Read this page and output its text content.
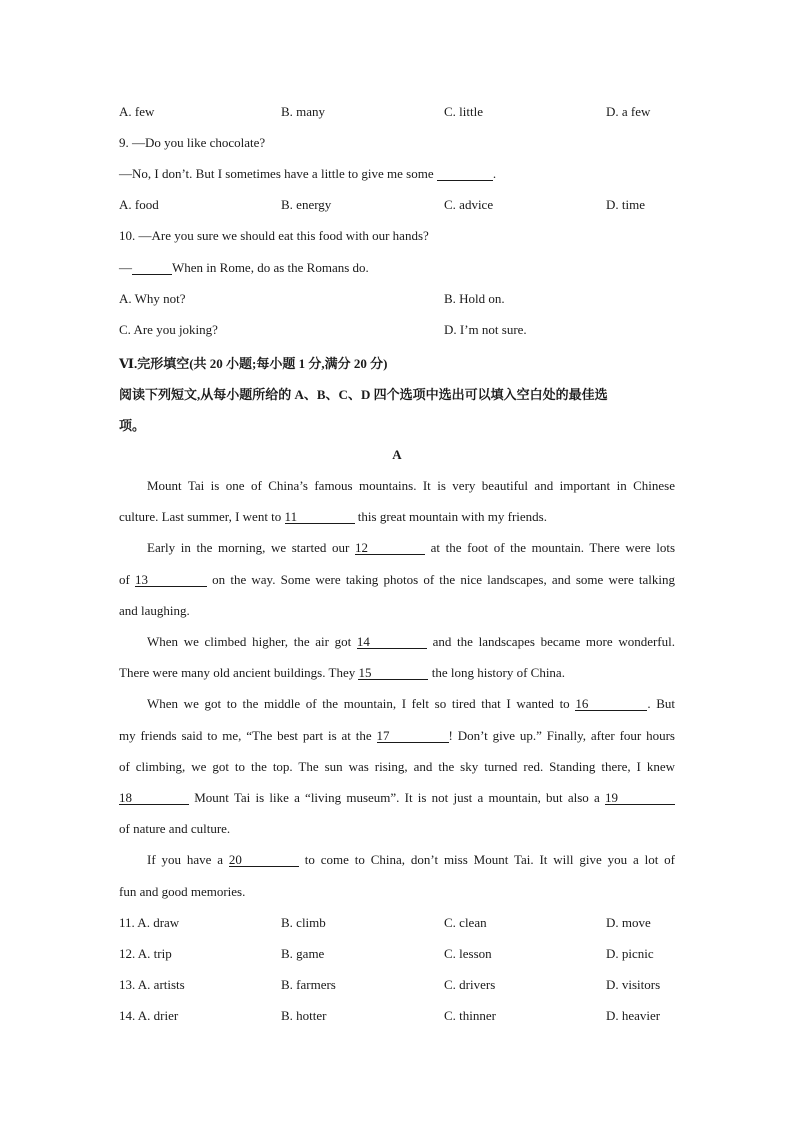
A. few	B. many	C. little	D. a few
9. —Do you like chocolate?
—No, I don’t. But I sometimes have a little to give me some	.
A. food	B. energy	C. advice	D. time
10. —Are you sure we should eat this food with our hands?
—	When in Rome, do as the Romans do.
A. Why not?	B. Hold on.
C. Are you joking?	D. I’m not sure.
Ⅵ.完形填空(共 20 小题;每小题 1 分,满分 20 分)
阅读下列短文,从每小题所给的 A、B、C、D 四个选项中选出可以填入空白处的最佳选
项。
A
Mount Tai is one of China’s famous mountains. It is very beautiful and important in Chinese
culture. Last summer, I went to 11	this great mountain with my friends.
Early in the morning, we started our 12	at the foot of the mountain. There were lots
of 13	on the way. Some were taking photos of the nice landscapes, and some were talking
and laughing.
When we climbed higher, the air got 14	and the landscapes became more wonderful.
There were many old ancient buildings. They 15	the long history of China.
When we got to the middle of the mountain, I felt so tired that I wanted to 16	. But
my friends said to me, “The best part is at the 17	! Don’t give up.” Finally, after four hours
of climbing, we got to the top. The sun was rising, and the sky turned red. Standing there, I knew
18	Mount Tai is like a “living museum”. It is not just a mountain, but also a 19
of nature and culture.
If you have a 20	to come to China, don’t miss Mount Tai. It will give you a lot of
fun and good memories.
11. A. draw	B. climb	C. clean	D. move
12. A. trip	B. game	C. lesson	D. picnic
13. A. artists	B. farmers	C. drivers	D. visitors
14. A. drier	B. hotter	C. thinner	D. heavier
